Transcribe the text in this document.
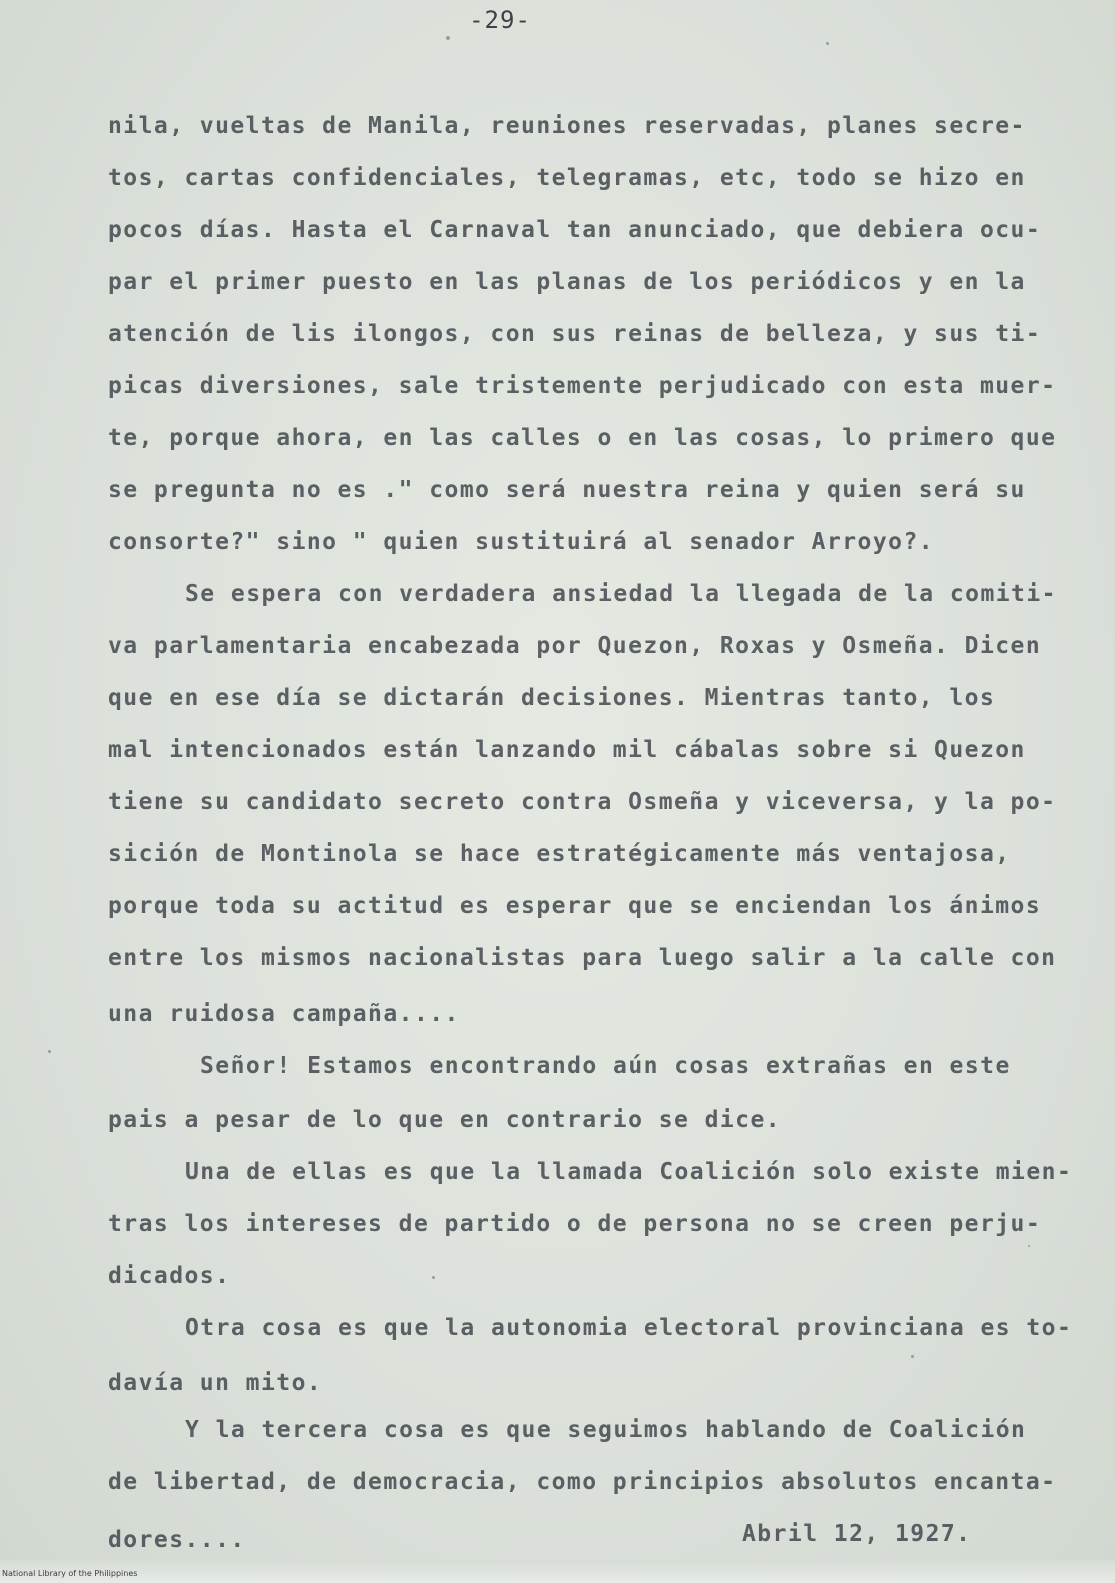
-29-
nila, vueltas de Manila, reuniones reservadas, planes secre-
tos, cartas confidenciales, telegramas, etc, todo se hizo en
pocos días. Hasta el Carnaval tan anunciado, que debiera ocu-
par el primer puesto en las planas de los periódicos y en la
atención de lis ilongos, con sus reinas de belleza, y sus ti-
picas diversiones, sale tristemente perjudicado con esta muer-
te, porque ahora, en las calles o en las cosas, lo primero que
se pregunta no es ." como será nuestra reina y quien será su
consorte?" sino " quien sustituirá al senador Arroyo?.
Se espera con verdadera ansiedad la llegada de la comiti-
va parlamentaria encabezada por Quezon, Roxas y Osmeña. Dicen
que en ese día se dictarán decisiones. Mientras tanto, los
mal intencionados están lanzando mil cábalas sobre si Quezon
tiene su candidato secreto contra Osmeña y viceversa, y la po-
sición de Montinola se hace estratégicamente más ventajosa,
porque toda su actitud es esperar que se enciendan los ánimos
entre los mismos nacionalistas para luego salir a la calle con
una ruidosa campaña....
Señor! Estamos encontrando aún cosas extrañas en este
pais a pesar de lo que en contrario se dice.
Una de ellas es que la llamada Coalición solo existe mien-
tras los intereses de partido o de persona no se creen perju-
dicados.
Otra cosa es que la autonomia electoral provinciana es to-
davía un mito.
Y la tercera cosa es que seguimos hablando de Coalición
de libertad, de democracia, como principios absolutos encanta-
dores....	Abril 12, 1927.
National Library of the Philippines
